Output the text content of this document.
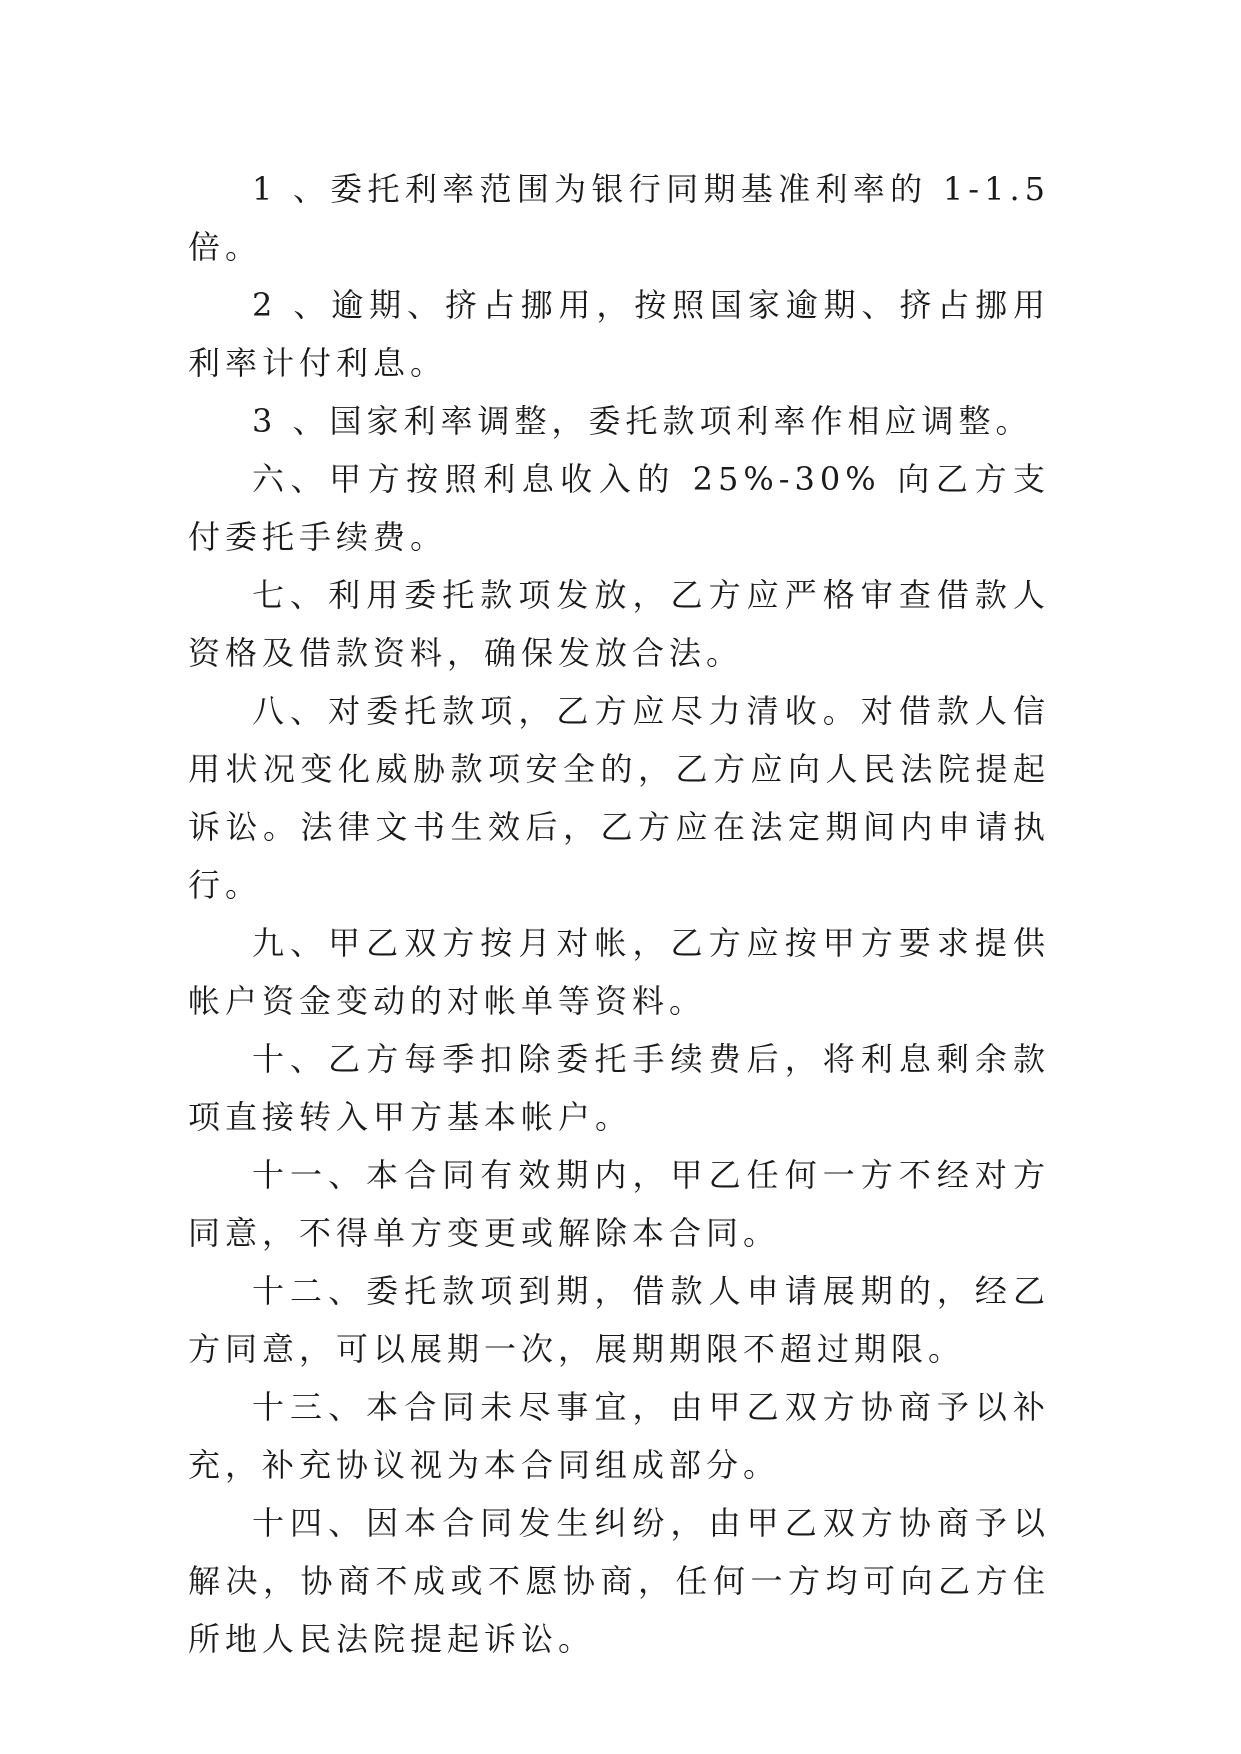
1 、委托利率范围为银行同期基准利率的 1-1.5 倍。

2 、逾期、挤占挪用，按照国家逾期、挤占挪用利率计付利息。

3 、国家利率调整，委托款项利率作相应调整。

六、甲方按照利息收入的 25%-30% 向乙方支付委托手续费。

七、利用委托款项发放，乙方应严格审查借款人资格及借款资料，确保发放合法。

八、对委托款项，乙方应尽力清收。对借款人信用状况变化威胁款项安全的，乙方应向人民法院提起诉讼。法律文书生效后，乙方应在法定期间内申请执行。

九、甲乙双方按月对帐，乙方应按甲方要求提供帐户资金变动的对帐单等资料。

十、乙方每季扣除委托手续费后，将利息剩余款项直接转入甲方基本帐户。

十一、本合同有效期内，甲乙任何一方不经对方同意，不得单方变更或解除本合同。

十二、委托款项到期，借款人申请展期的，经乙方同意，可以展期一次，展期期限不超过期限。

十三、本合同未尽事宜，由甲乙双方协商予以补充，补充协议视为本合同组成部分。

十四、因本合同发生纠纷，由甲乙双方协商予以解决，协商不成或不愿协商，任何一方均可向乙方住所地人民法院提起诉讼。
